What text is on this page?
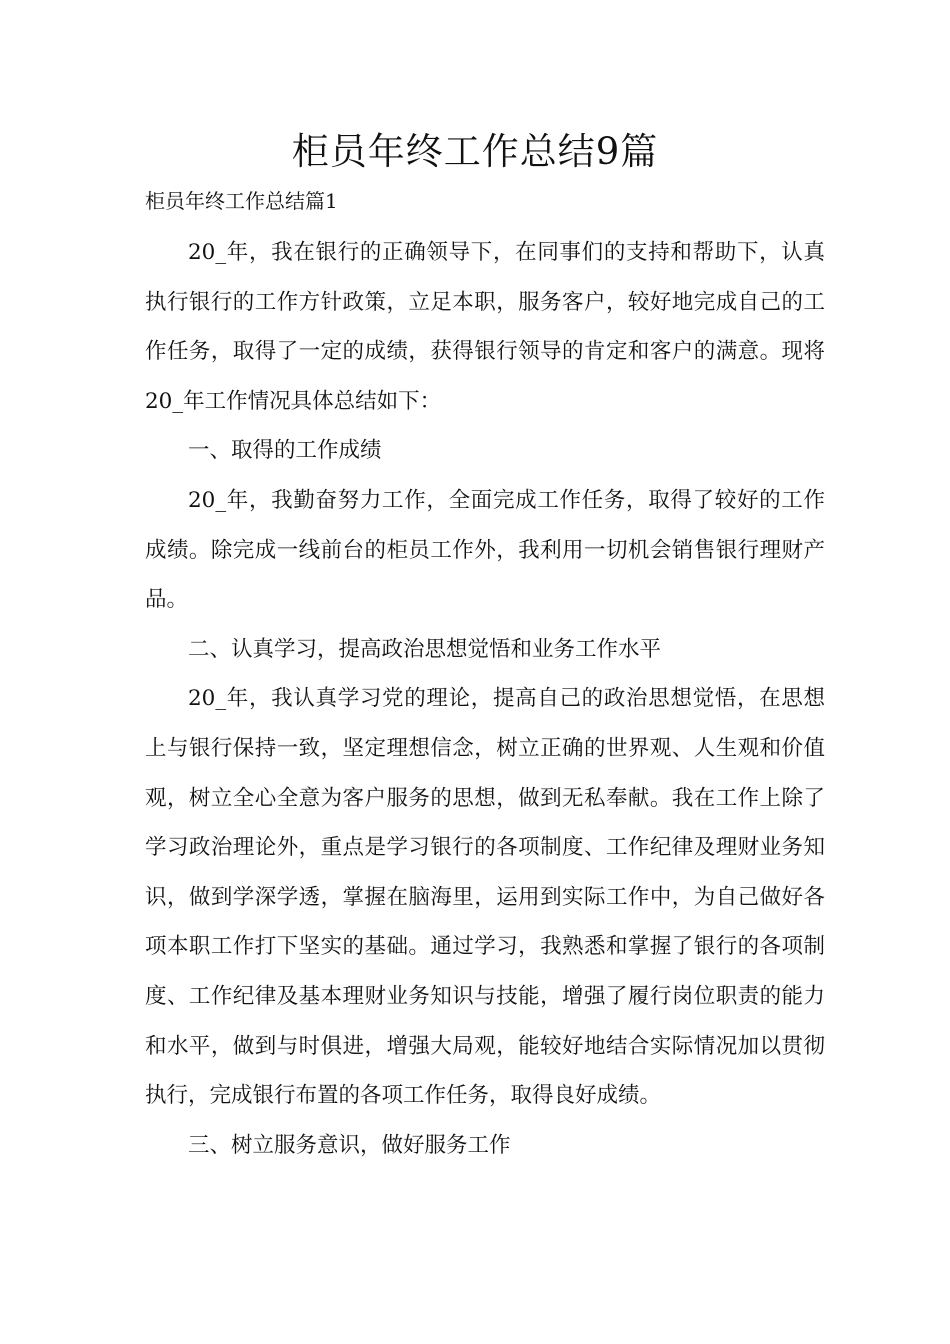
柜员年终工作总结9篇
柜员年终工作总结篇1

20_年，我在银行的正确领导下，在同事们的支持和帮助下，认真执行银行的工作方针政策，立足本职，服务客户，较好地完成自己的工作任务，取得了一定的成绩，获得银行领导的肯定和客户的满意。现将20_年工作情况具体总结如下：

一、取得的工作成绩

20_年，我勤奋努力工作，全面完成工作任务，取得了较好的工作成绩。除完成一线前台的柜员工作外，我利用一切机会销售银行理财产品。

二、认真学习，提高政治思想觉悟和业务工作水平

20_年，我认真学习党的理论，提高自己的政治思想觉悟，在思想上与银行保持一致，坚定理想信念，树立正确的世界观、人生观和价值观，树立全心全意为客户服务的思想，做到无私奉献。我在工作上除了学习政治理论外，重点是学习银行的各项制度、工作纪律及理财业务知识，做到学深学透，掌握在脑海里，运用到实际工作中，为自己做好各项本职工作打下坚实的基础。通过学习，我熟悉和掌握了银行的各项制度、工作纪律及基本理财业务知识与技能，增强了履行岗位职责的能力和水平，做到与时俱进，增强大局观，能较好地结合实际情况加以贯彻执行，完成银行布置的各项工作任务，取得良好成绩。

三、树立服务意识，做好服务工作
